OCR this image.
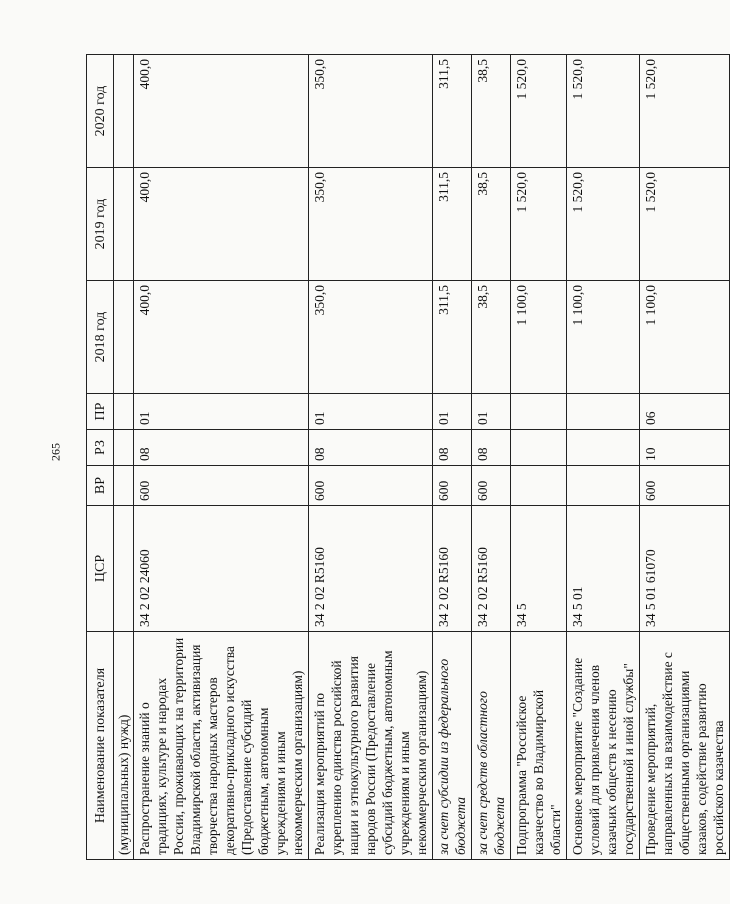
265
Наименование показателя	ЦСР	ВР	РЗ	ПР	2018 год	2019 год	2020 год
(муниципальных) нужд)							
Распространение знаний о традициях, культуре и народах России, проживающих на территории Владимирской области, активизация творчества народных мастеров декоративно-прикладного искусства (Предоставление субсидий бюджетным, автономным учреждениям и иным некоммерческим организациям)	34 2 02 24060	600	08	01	400,0	400,0	400,0
Реализация мероприятий по укреплению единства российской нации и этнокультурного развития народов России (Предоставление субсидий бюджетным, автономным учреждениям и иным некоммерческим организациям)	34 2 02 R5160	600	08	01	350,0	350,0	350,0
за счет субсидии из федерального бюджета	34 2 02 R5160	600	08	01	311,5	311,5	311,5
за счет средств областного бюджета	34 2 02 R5160	600	08	01	38,5	38,5	38,5
Подпрограмма "Российское казачество во Владимирской области"	34 5				1 100,0	1 520,0	1 520,0
Основное мероприятие "Создание условий для привлечения членов казачьих обществ к несению государственной и иной службы"	34 5 01				1 100,0	1 520,0	1 520,0
Проведение мероприятий, направленных на взаимодействие с общественными организациями казаков, содействие развитию российского казачества	34 5 01 61070	600	10	06	1 100,0	1 520,0	1 520,0
